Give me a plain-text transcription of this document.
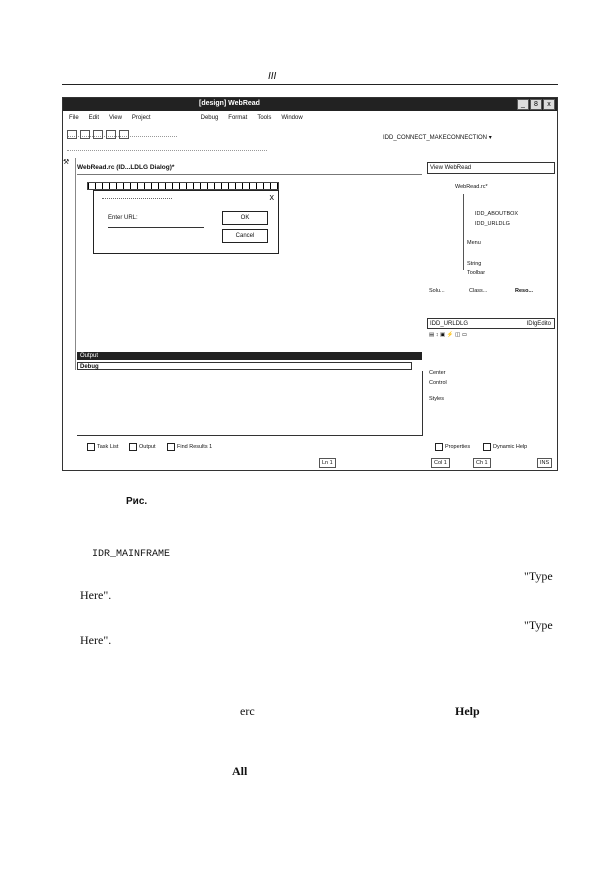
III
[design] WebRead	_	8	x
File Edit View Project	Debug Format Tools Window
IDD_CONNECT_MAKECONNECTION ▾
⚒
WebRead.rc (ID...LDLG Dialog)*
x
Enter URL:	OK
Cancel
Output
Debug
Task List	Output	Find Results 1
Ln 1	Col 1	Ch 1	INS
View WebRead
WebRead.rc*
IDD_ABOUTBOX
IDD_URLDLG
Menu
String
Toolbar
Solu...	Class...	Reso...
IDD_URLDLG	IDlgEdito
▤ ↕ ▣ ⚡ ◫ ▭
Center
Control
Styles
Properties	Dynamic Help
Рис.
IDR_MAINFRAME
"Type
Here".
"Type
Here".
erc	Help
All
